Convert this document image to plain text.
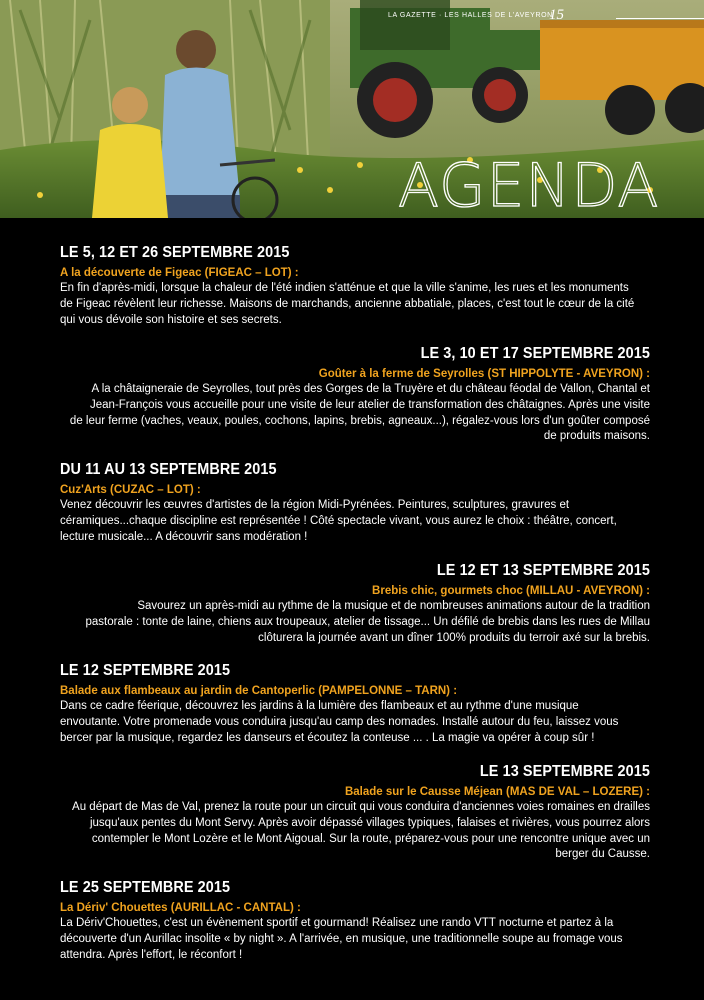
LA GAZETTE · LES HALLES DE L'AVEYRON
15
AGENDA
LE 5, 12 ET 26 SEPTEMBRE 2015
A la découverte de Figeac (FIGEAC – LOT) :
En fin d'après-midi, lorsque la chaleur de l'été indien s'atténue et que la ville s'anime, les rues et les monuments
de Figeac révèlent leur richesse. Maisons de marchands, ancienne abbatiale, places, c'est tout le cœur de la cité
qui vous dévoile son histoire et ses secrets.
LE 3, 10 ET 17 SEPTEMBRE 2015
Goûter à la ferme de Seyrolles (ST HIPPOLYTE - AVEYRON) :
A la châtaigneraie de Seyrolles, tout près des Gorges de la Truyère et du château féodal de Vallon, Chantal et
Jean-François vous accueille pour une visite de leur atelier de transformation des châtaignes. Après une visite
de leur ferme (vaches, veaux, poules, cochons, lapins, brebis, agneaux...), régalez-vous lors d'un goûter composé
de produits maisons.
DU 11 AU 13 SEPTEMBRE 2015
Cuz'Arts (CUZAC – LOT) :
Venez découvrir les œuvres d'artistes de la région Midi-Pyrénées. Peintures, sculptures, gravures et
céramiques...chaque discipline est représentée ! Côté spectacle vivant, vous aurez le choix : théâtre, concert,
lecture musicale... A découvrir sans modération !
LE 12 ET 13 SEPTEMBRE 2015
Brebis chic, gourmets choc (MILLAU - AVEYRON) :
Savourez un après-midi au rythme de la musique et de nombreuses animations autour de la tradition
pastorale : tonte de laine, chiens aux troupeaux, atelier de tissage... Un défilé de brebis dans les rues de Millau
clôturera la journée avant un dîner 100% produits du terroir axé sur la brebis.
LE 12 SEPTEMBRE 2015
Balade aux flambeaux au jardin de Cantoperlic (PAMPELONNE – TARN) :
Dans ce cadre féerique, découvrez les jardins à la lumière des flambeaux et au rythme d'une musique
envoutante. Votre promenade vous conduira jusqu'au camp des nomades. Installé autour du feu, laissez vous
bercer par la musique, regardez les danseurs et écoutez la conteuse ... . La magie va opérer à coup sûr !
LE 13 SEPTEMBRE 2015
Balade sur le Causse Méjean (MAS DE VAL – LOZERE) :
Au départ de Mas de Val, prenez la route pour un circuit qui vous conduira d'anciennes voies romaines en drailles
jusqu'aux pentes du Mont Servy. Après avoir dépassé villages typiques, falaises et rivières, vous pourrez alors
contempler le Mont Lozère et le Mont Aigoual. Sur la route, préparez-vous pour une rencontre unique avec un
berger du Causse.
LE 25 SEPTEMBRE 2015
La Dériv' Chouettes (AURILLAC - CANTAL) :
La Dériv'Chouettes, c'est un évènement sportif et gourmand! Réalisez une rando VTT nocturne et partez à la
découverte d'un Aurillac insolite « by night ». A l'arrivée, en musique, une traditionnelle soupe au fromage vous
attendra. Après l'effort, le réconfort !
